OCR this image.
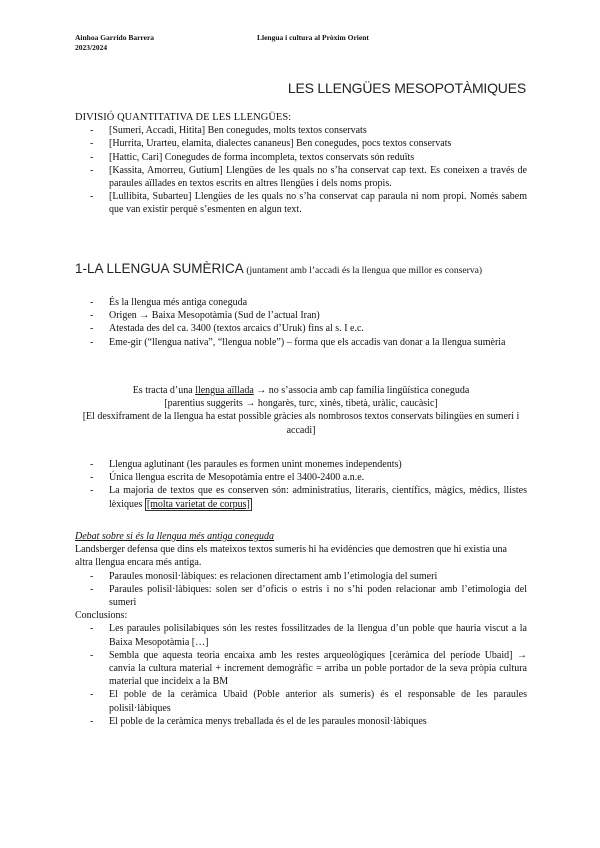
Ainhoa Garrido Barrera
2023/2024
Llengua i cultura al Pròxim Orient
LES LLENGÜES MESOPOTÀMIQUES

DIVISIÓ QUANTITATIVA DE LES LLENGÜES:

- [Sumeri, Accadi, Hitita] Ben conegudes, molts textos conservats
- [Hurrita, Urarteu, elamita, dialectes cananeus] Ben conegudes, pocs textos conservats
- [Hattic, Cari] Conegudes de forma incompleta, textos conservats són reduïts
- [Kassita, Amorreu, Gutium] Llengües de les quals no s’ha conservat cap text. Es coneixen a través de paraules aïllades en textos escrits en altres llengües i dels noms propis.
- [Lullibita, Subarteu] Llengües de les quals no s’ha conservat cap paraula ni nom propi. Només sabem que van existir perquè s’esmenten en algun text.
1-LA LLENGUA SUMÈRICA (juntament amb l’accadi és la llengua que millor es conserva)
- És la llengua més antiga coneguda
- Origen → Baixa Mesopotàmia (Sud de l’actual Iran)
- Atestada des del ca. 3400 (textos arcaics d’Uruk) fins al s. I e.c.
- Eme-gir (“llengua nativa”, “llengua noble”) – forma que els accadis van donar a la llengua sumèria

Es tracta d’una llengua aïllada → no s’associa amb cap família lingüística coneguda

[parentius suggerits → hongarès, turc, xinès, tibetà, uràlic, caucàsic]

[El desxiframent de la llengua ha estat possible gràcies als nombrosos textos conservats bilingües en sumeri i accadi]

- Llengua aglutinant (les paraules es formen unint monemes independents)
- Única llengua escrita de Mesopotàmia entre el 3400-2400 a.n.e.
- La majoria de textos que es conserven són: administratius, literaris, científics, màgics, mèdics, llistes lèxiques [molta varietat de corpus]

Debat sobre si és la llengua més antiga coneguda

Landsberger defensa que dins els mateixos textos sumeris hi ha evidències que demostren que hi existia una altra llengua encara més antiga.

- Paraules monosil·làbiques: es relacionen directament amb l’etimologia del sumeri
- Paraules polisil·làbiques: solen ser d’oficis o estris i no s’hi poden relacionar amb l’etimologia del sumeri

Conclusions:

- Les paraules polisilabiques són les restes fossilitzades de la llengua d’un poble que hauria viscut a la Baixa Mesopotàmia […]
- Sembla que aquesta teoria encaixa amb les restes arqueològiques [ceràmica del període Ubaid] → canvia la cultura material + increment demogràfic = arriba un poble portador de la seva pròpia cultura material que incideix a la BM
- El poble de la ceràmica Ubaid (Poble anterior als sumeris) és el responsable de les paraules polisil·làbiques
- El poble de la ceràmica menys treballada és el de les paraules monosil·làbiques
